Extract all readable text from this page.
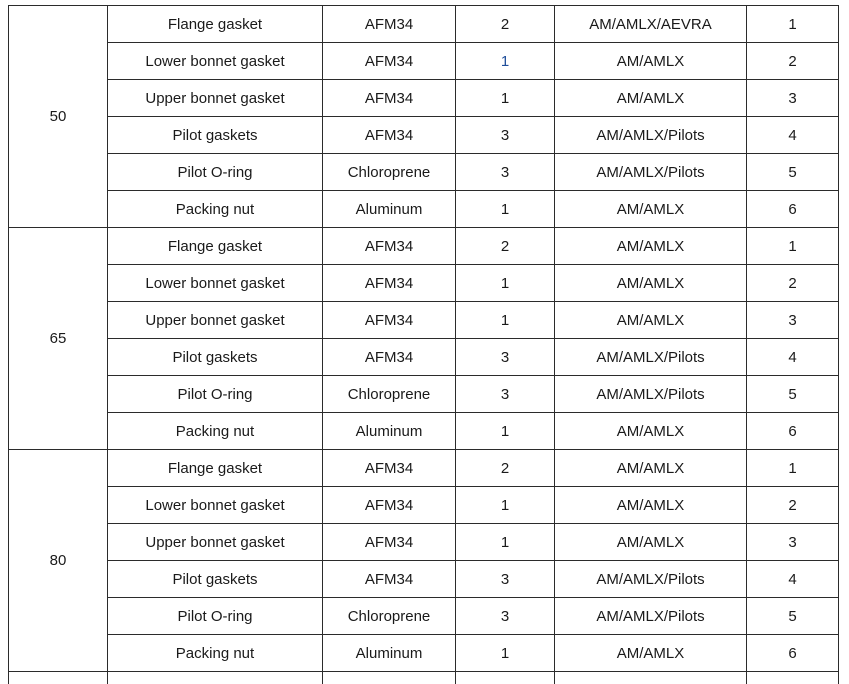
50	Flange gasket	AFM34	2	AM/AMLX/AEVRA	1
	Lower bonnet gasket	AFM34	1	AM/AMLX	2
	Upper bonnet gasket	AFM34	1	AM/AMLX	3
	Pilot gaskets	AFM34	3	AM/AMLX/Pilots	4
	Pilot O-ring	Chloroprene	3	AM/AMLX/Pilots	5
	Packing nut	Aluminum	1	AM/AMLX	6
65	Flange gasket	AFM34	2	AM/AMLX	1
	Lower bonnet gasket	AFM34	1	AM/AMLX	2
	Upper bonnet gasket	AFM34	1	AM/AMLX	3
	Pilot gaskets	AFM34	3	AM/AMLX/Pilots	4
	Pilot O-ring	Chloroprene	3	AM/AMLX/Pilots	5
	Packing nut	Aluminum	1	AM/AMLX	6
80	Flange gasket	AFM34	2	AM/AMLX	1
	Lower bonnet gasket	AFM34	1	AM/AMLX	2
	Upper bonnet gasket	AFM34	1	AM/AMLX	3
	Pilot gaskets	AFM34	3	AM/AMLX/Pilots	4
	Pilot O-ring	Chloroprene	3	AM/AMLX/Pilots	5
	Packing nut	Aluminum	1	AM/AMLX	6
